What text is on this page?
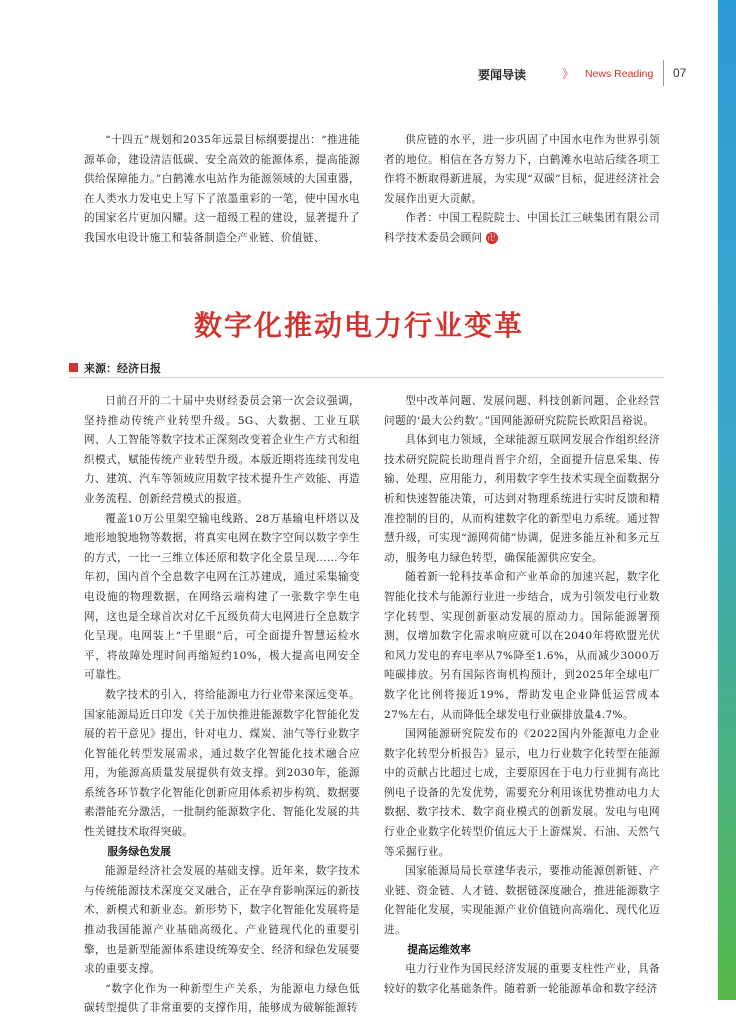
要闻导读	》 News Reading 07

“十四五”规划和2035年远景目标纲要提出：“推进能源革命，建设清洁低碳、安全高效的能源体系，提高能源供给保障能力。”白鹤滩水电站作为能源领域的大国重器，在人类水力发电史上写下了浓墨重彩的一笔，使中国水电的国家名片更加闪耀。这一超级工程的建设，显著提升了我国水电设计施工和装备制造全产业链、价值链、

供应链的水平，进一步巩固了中国水电作为世界引领者的地位。相信在各方努力下，白鹤滩水电站后续各项工作将不断取得新进展，为实现“双碳”目标，促进经济社会发展作出更大贡献。

作者：中国工程院院士、中国长江三峡集团有限公司科学技术委员会顾问 卍

数字化推动电力行业变革
来源：经济日报

日前召开的二十届中央财经委员会第一次会议强调，坚持推动传统产业转型升级。5G、大数据、工业互联网、人工智能等数字技术正深刻改变着企业生产方式和组织模式，赋能传统产业转型升级。本版近期将连续刊发电力、建筑、汽车等领域应用数字技术提升生产效能、再造业务流程、创新经营模式的报道。

覆盖10万公里架空输电线路、28万基输电杆塔以及地形地貌地物等数据，将真实电网在数字空间以数字孪生的方式，一比一三维立体还原和数字化全景呈现……今年年初，国内首个全息数字电网在江苏建成，通过采集输变电设施的物理数据，在网络云端构建了一张数字孪生电网，这也是全球首次对亿千瓦级负荷大电网进行全息数字化呈现。电网装上“千里眼”后，可全面提升智慧运检水平，将故障处理时间再缩短约10%，极大提高电网安全可靠性。

数字技术的引入，将给能源电力行业带来深远变革。国家能源局近日印发《关于加快推进能源数字化智能化发展的若干意见》提出，针对电力、煤炭、油气等行业数字化智能化转型发展需求，通过数字化智能化技术融合应用，为能源高质量发展提供有效支撑。到2030年，能源系统各环节数字化智能化创新应用体系初步构筑、数据要素潜能充分激活，一批制约能源数字化、智能化发展的共性关键技术取得突破。

服务绿色发展

能源是经济社会发展的基础支撑。近年来，数字技术与传统能源技术深度交叉融合，正在孕育影响深远的新技术、新模式和新业态。新形势下，数字化智能化发展将是推动我国能源产业基础高级化、产业链现代化的重要引擎，也是新型能源体系建设统筹安全、经济和绿色发展要求的重要支撑。

“数字化作为一种新型生产关系，为能源电力绿色低碳转型提供了非常重要的支撑作用，能够成为破解能源转

型中改革问题、发展问题、科技创新问题、企业经营问题的‘最大公约数’。”国网能源研究院院长欧阳昌裕说。

具体到电力领域，全球能源互联网发展合作组织经济技术研究院院长助理肖晋宇介绍，全面提升信息采集、传输、处理、应用能力，利用数字孪生技术实现全面数据分析和快速智能决策，可达到对物理系统进行实时反馈和精准控制的目的，从而构建数字化的新型电力系统。通过智慧升级，可实现“源网荷储”协调，促进多能互补和多元互动，服务电力绿色转型，确保能源供应安全。

随着新一轮科技革命和产业革命的加速兴起，数字化智能化技术与能源行业进一步结合，成为引领发电行业数字化转型、实现创新驱动发展的原动力。国际能源署预测，仅增加数字化需求响应就可以在2040年将欧盟光伏和风力发电的弃电率从7%降至1.6%，从而减少3000万吨碳排放。另有国际咨询机构预计，到2025年全球电厂数字化比例将接近19%，帮助发电企业降低运营成本27%左右，从而降低全球发电行业碳排放量4.7%。

国网能源研究院发布的《2022国内外能源电力企业数字化转型分析报告》显示，电力行业数字化转型在能源中的贡献占比超过七成，主要原因在于电力行业拥有高比例电子设备的先发优势，需要充分利用该优势推动电力大数据、数字技术、数字商业模式的创新发展。发电与电网行业企业数字化转型价值远大于上游煤炭、石油、天然气等采掘行业。

国家能源局局长章建华表示，要推动能源创新链、产业链、资金链、人才链、数据链深度融合，推进能源数字化智能化发展，实现能源产业价值链向高端化、现代化迈进。

提高运维效率

电力行业作为国民经济发展的重要支柱性产业，具备较好的数字化基础条件。随着新一轮能源革命和数字经济
